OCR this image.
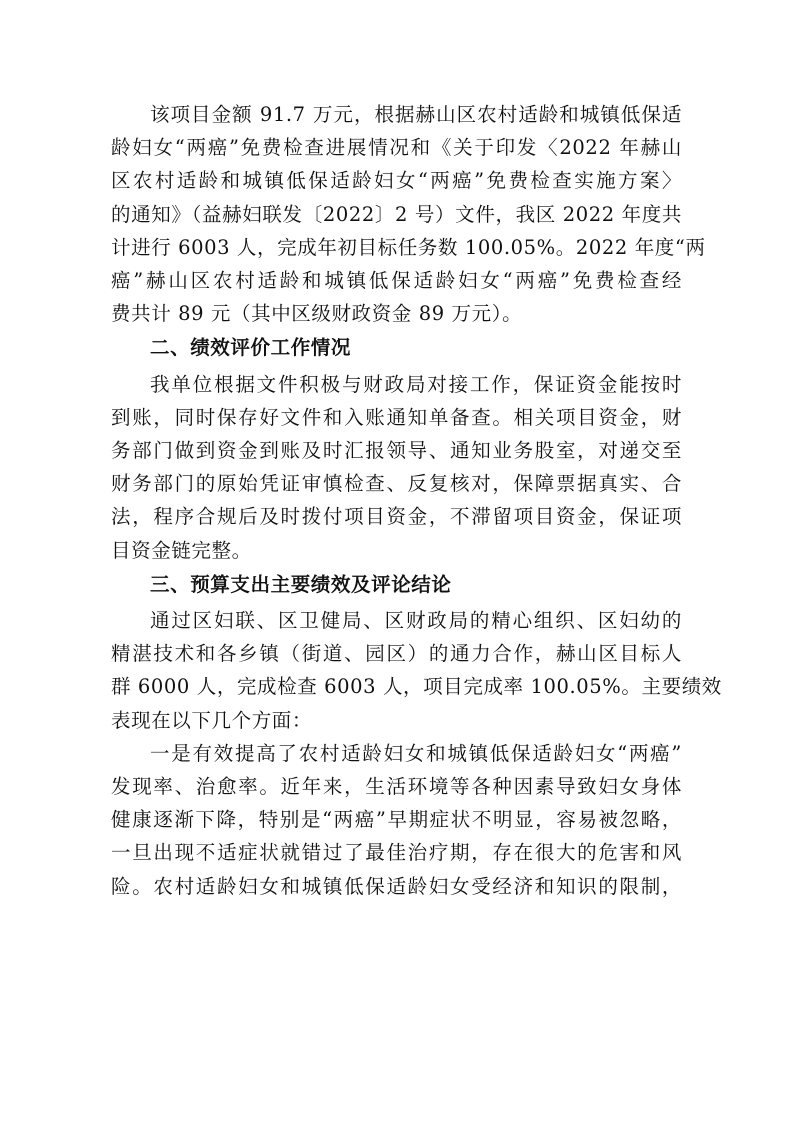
该项目金额 91.7 万元，根据赫山区农村适龄和城镇低保适
龄妇女“两癌”免费检查进展情况和《关于印发〈2022 年赫山
区农村适龄和城镇低保适龄妇女“两癌”免费检查实施方案〉
的通知》（益赫妇联发〔2022〕2 号）文件，我区 2022 年度共
计进行 6003 人，完成年初目标任务数 100.05%。2022 年度“两
癌”赫山区农村适龄和城镇低保适龄妇女“两癌”免费检查经
费共计 89 元（其中区级财政资金 89 万元）。
二、绩效评价工作情况
我单位根据文件积极与财政局对接工作，保证资金能按时
到账，同时保存好文件和入账通知单备查。相关项目资金，财
务部门做到资金到账及时汇报领导、通知业务股室，对递交至
财务部门的原始凭证审慎检查、反复核对，保障票据真实、合
法，程序合规后及时拨付项目资金，不滞留项目资金，保证项
目资金链完整。
三、预算支出主要绩效及评论结论
通过区妇联、区卫健局、区财政局的精心组织、区妇幼的
精湛技术和各乡镇（街道、园区）的通力合作，赫山区目标人
群 6000 人，完成检查 6003 人，项目完成率 100.05%。主要绩效
表现在以下几个方面：
一是有效提高了农村适龄妇女和城镇低保适龄妇女“两癌”
发现率、治愈率。近年来，生活环境等各种因素导致妇女身体
健康逐渐下降，特别是“两癌”早期症状不明显，容易被忽略，
一旦出现不适症状就错过了最佳治疗期，存在很大的危害和风
险。农村适龄妇女和城镇低保适龄妇女受经济和知识的限制，
